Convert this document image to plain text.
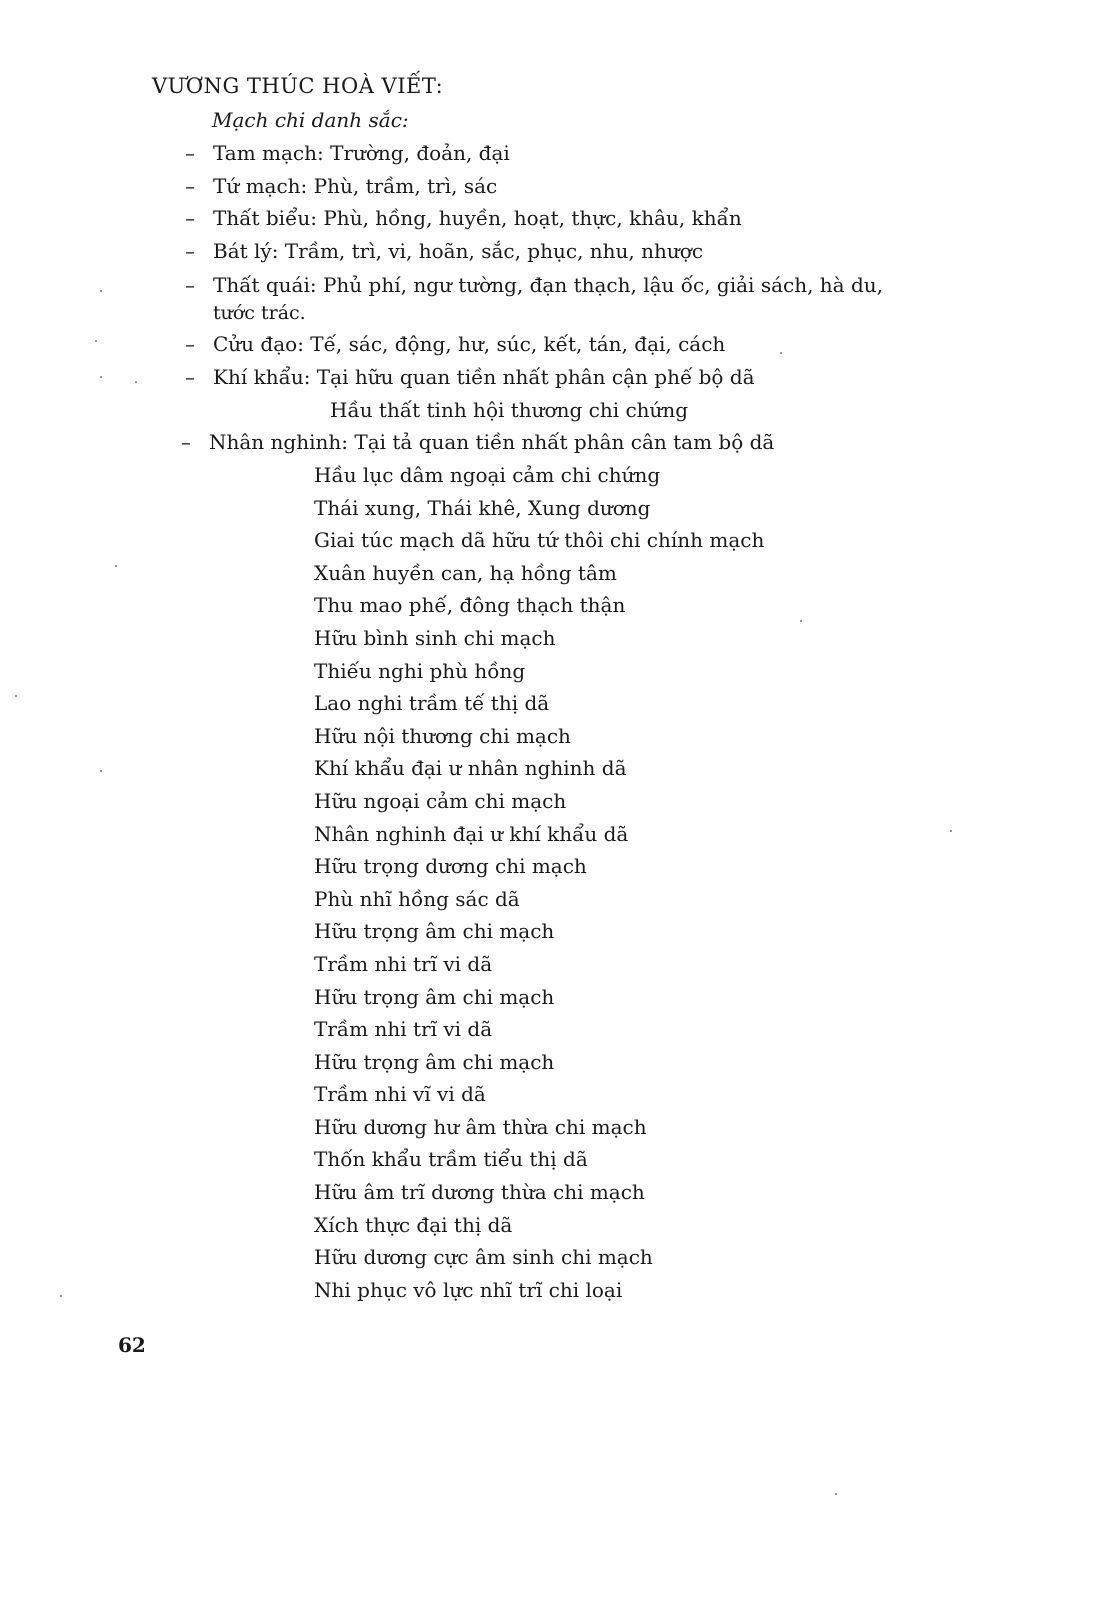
VƯƠNG THÚC HOÀ VIẾT:
Mạch chi danh sắc:
– Tam mạch: Trường, đoản, đại
– Tứ mạch: Phù, trầm, trì, sác
– Thất biểu: Phù, hồng, huyền, hoạt, thực, khâu, khẩn
– Bát lý: Trầm, trì, vi, hoãn, sắc, phục, nhu, nhược
– Thất quái: Phủ phí, ngư tường, đạn thạch, lậu ốc, giải sách, hà du,
tước trác.
– Cửu đạo: Tế, sác, động, hư, súc, kết, tán, đại, cách
– Khí khẩu: Tại hữu quan tiền nhất phân cận phế bộ dã
Hầu thất tinh hội thương chi chứng
– Nhân nghinh: Tại tả quan tiền nhất phân cân tam bộ dã
Hầu lục dâm ngoại cảm chi chứng
Thái xung, Thái khê, Xung dương
Giai túc mạch dã hữu tứ thôi chi chính mạch
Xuân huyền can, hạ hồng tâm
Thu mao phế, đông thạch thận
Hữu bình sinh chi mạch
Thiếu nghi phù hồng
Lao nghi trầm tế thị dã
Hữu nội thương chi mạch
Khí khẩu đại ư nhân nghinh dã
Hữu ngoại cảm chi mạch
Nhân nghinh đại ư khí khẩu dã
Hữu trọng dương chi mạch
Phù nhĩ hồng sác dã
Hữu trọng âm chi mạch
Trầm nhi trĩ vi dã
Hữu trọng âm chi mạch
Trầm nhi trĩ vi dã
Hữu trọng âm chi mạch
Trầm nhi vĩ vi dã
Hữu dương hư âm thừa chi mạch
Thốn khẩu trầm tiểu thị dã
Hữu âm trĩ dương thừa chi mạch
Xích thực đại thị dã
Hữu dương cực âm sinh chi mạch
Nhi phục vô lực nhĩ trĩ chi loại
62
